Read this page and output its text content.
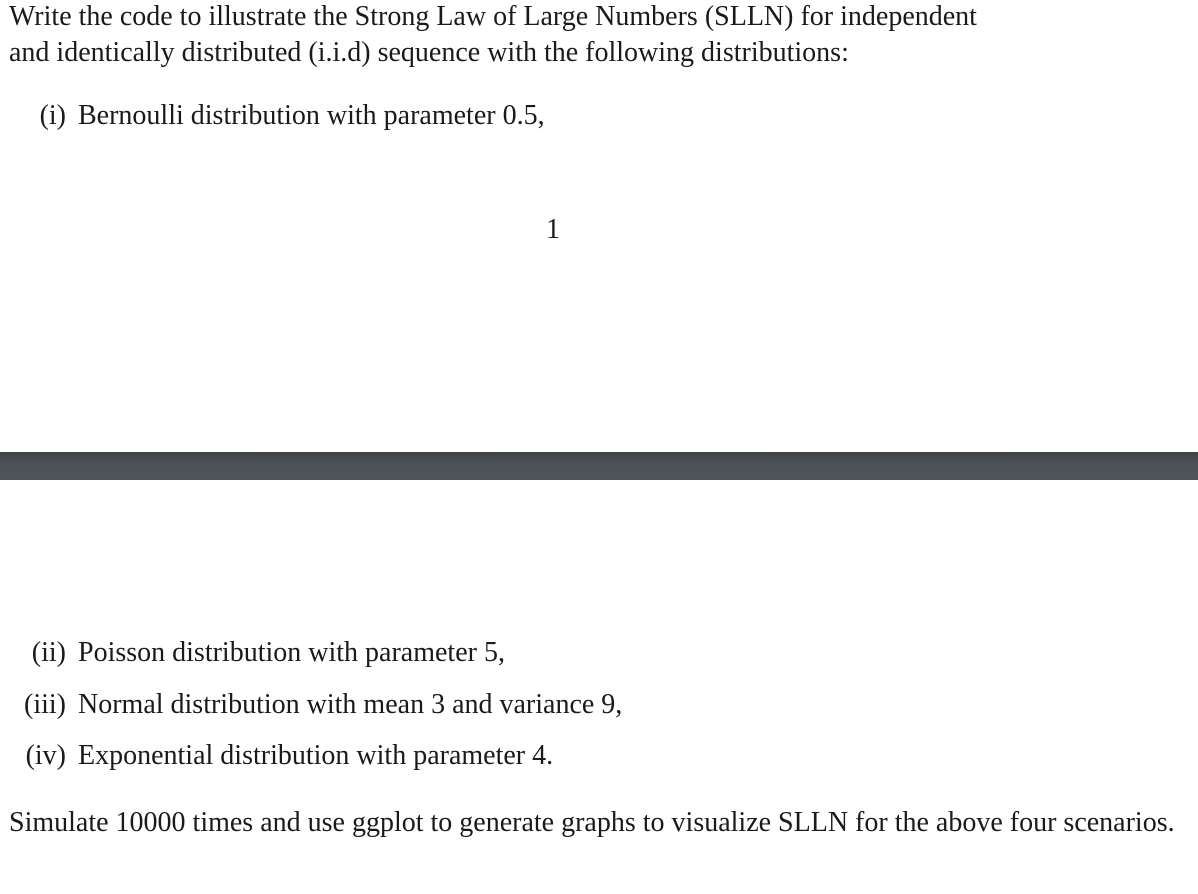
Write the code to illustrate the Strong Law of Large Numbers (SLLN) for independent
and identically distributed (i.i.d) sequence with the following distributions:
(i) Bernoulli distribution with parameter 0.5,
1
(ii) Poisson distribution with parameter 5,
(iii) Normal distribution with mean 3 and variance 9,
(iv) Exponential distribution with parameter 4.
Simulate 10000 times and use ggplot to generate graphs to visualize SLLN for the above four scenarios.
